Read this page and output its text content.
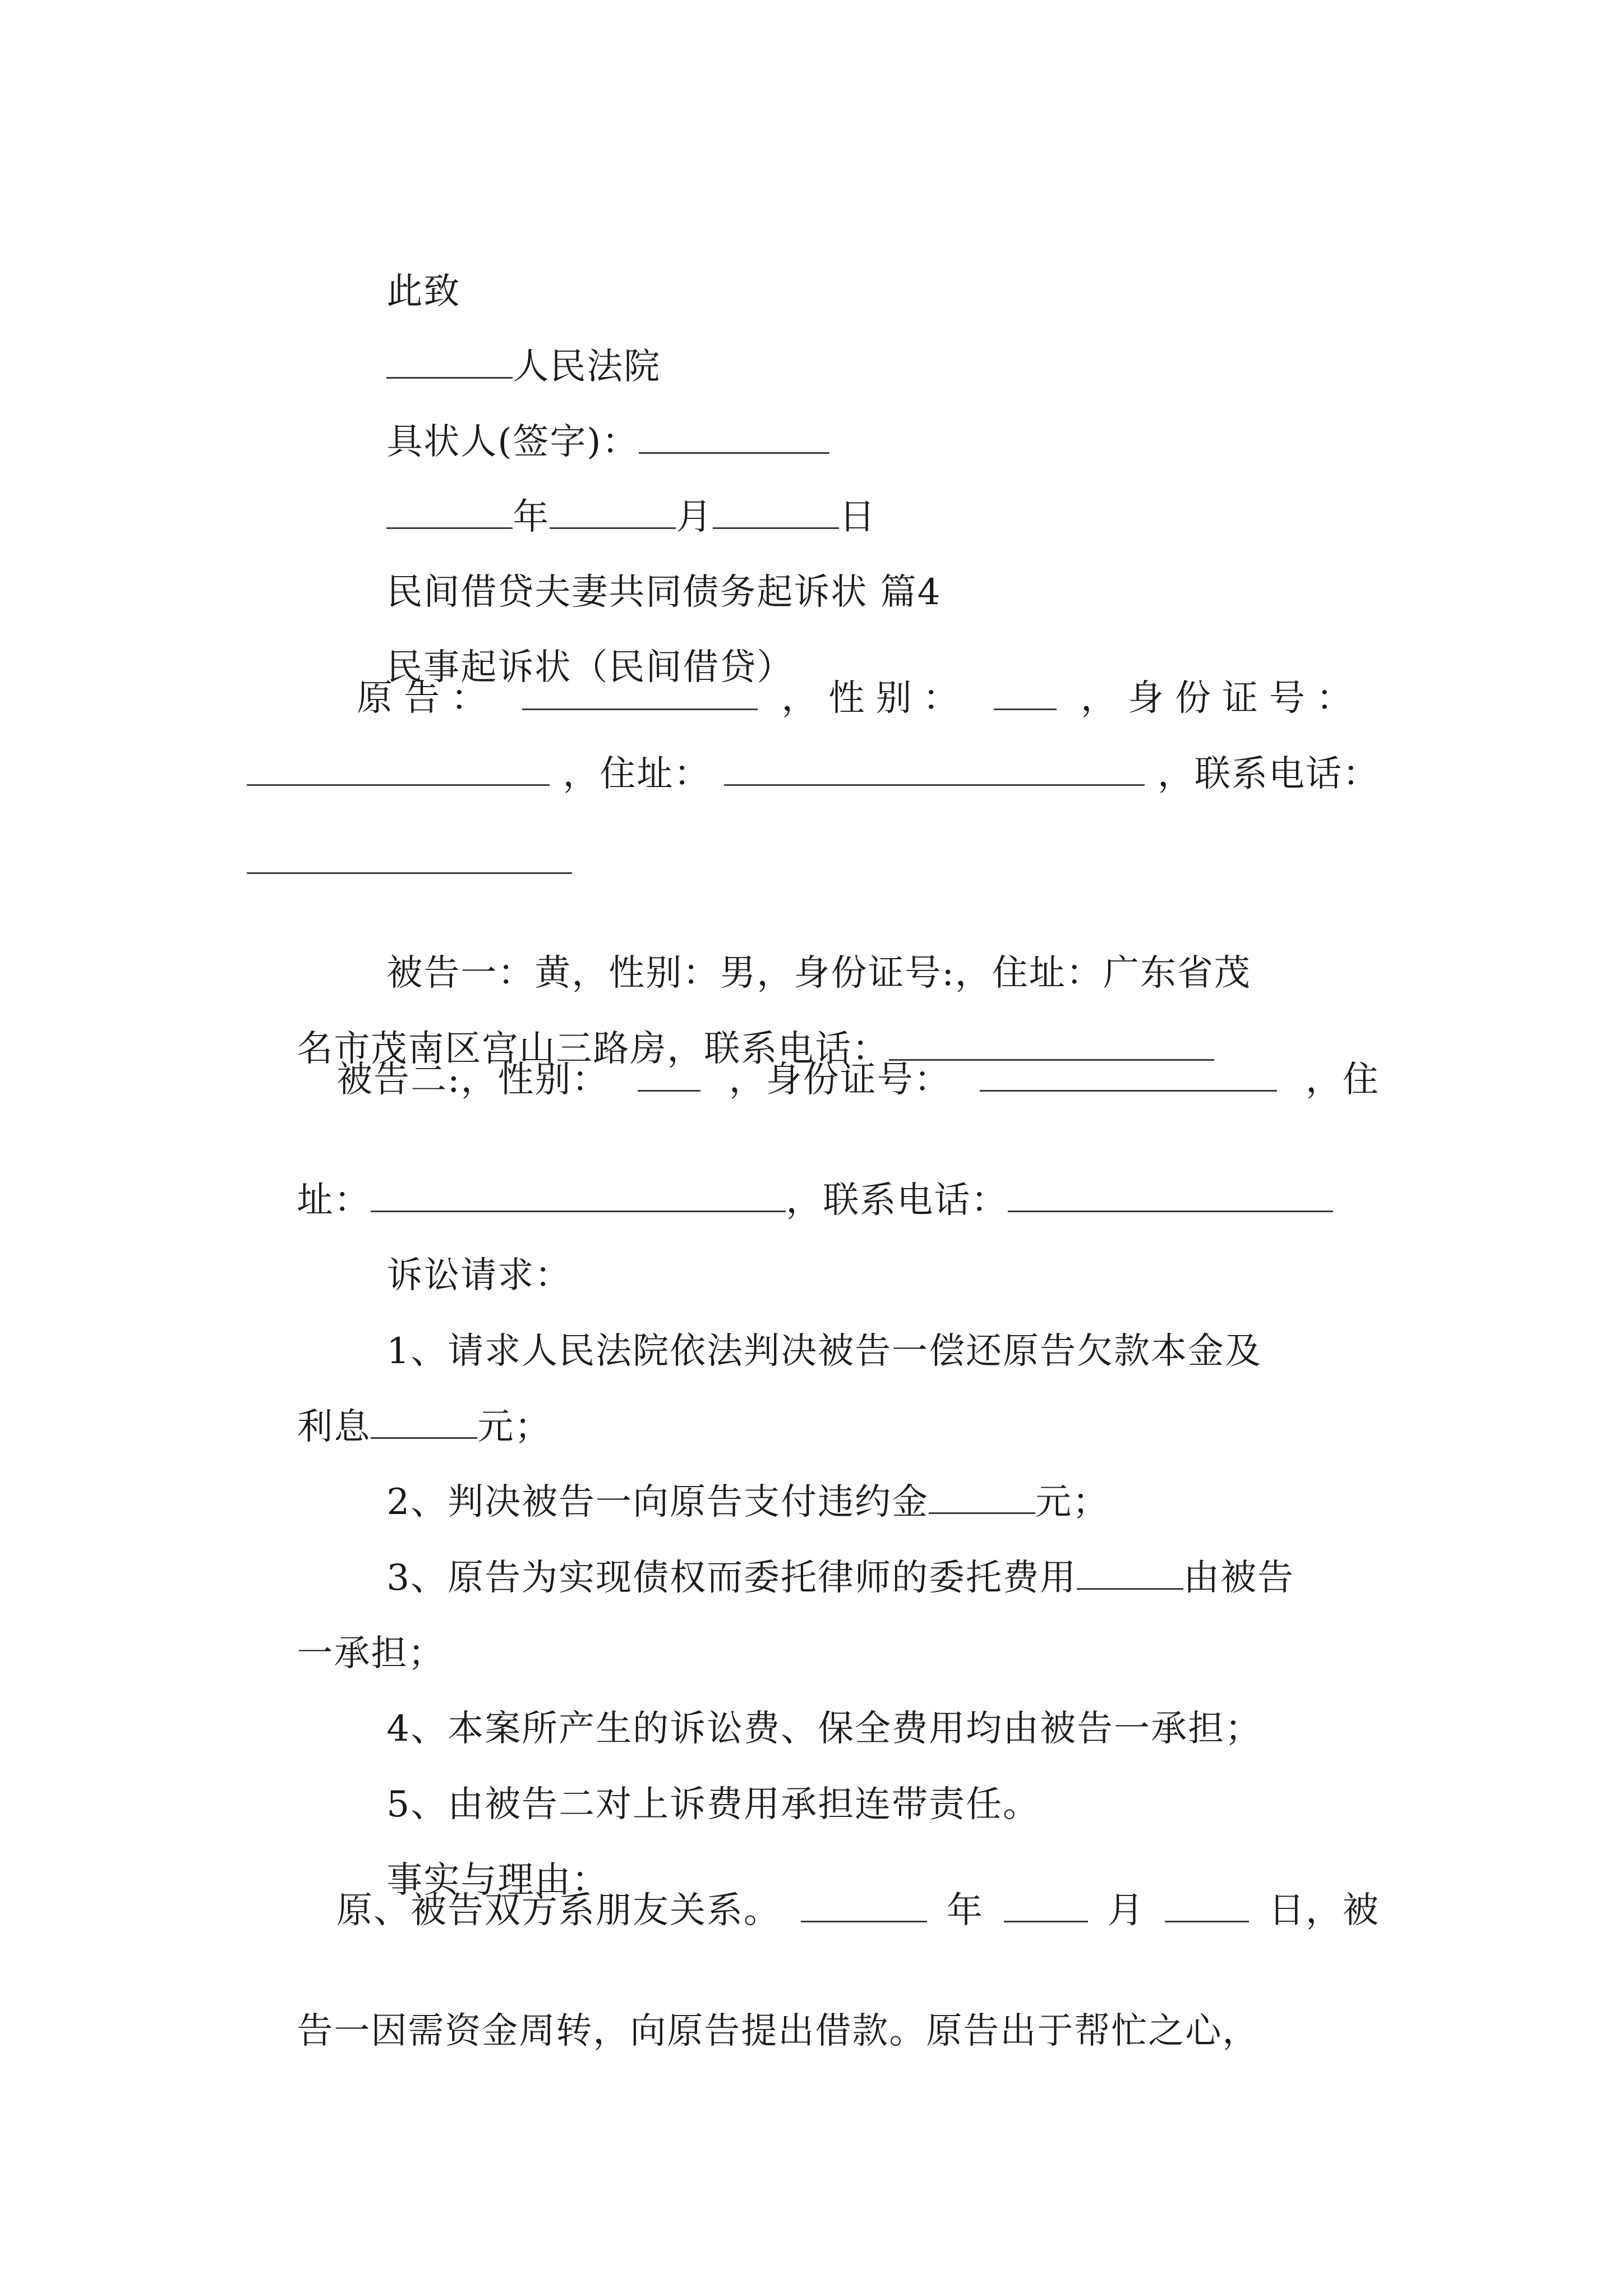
此致

人民法院

具状人(签字)：

年	月	日

民间借贷夫妻共同债务起诉状 篇4

民事起诉状（民间借贷）

原告：	，性别：	，身份证号：
，住址：	，联系电话：

被告一：黄，性别：男，身份证号:，住址：广东省茂

名市茂南区宫山三路房，联系电话：

被告二:，性别：	，身份证号：	，住

址：	，联系电话：

诉讼请求：

1、请求人民法院依法判决被告一偿还原告欠款本金及

利息	元；

2、判决被告一向原告支付违约金	元；

3、原告为实现债权而委托律师的委托费用	由被告

一承担；

4、本案所产生的诉讼费、保全费用均由被告一承担；

5、由被告二对上诉费用承担连带责任。

事实与理由：

原、被告双方系朋友关系。	年	月	日，被

告一因需资金周转，向原告提出借款。原告出于帮忙之心，
